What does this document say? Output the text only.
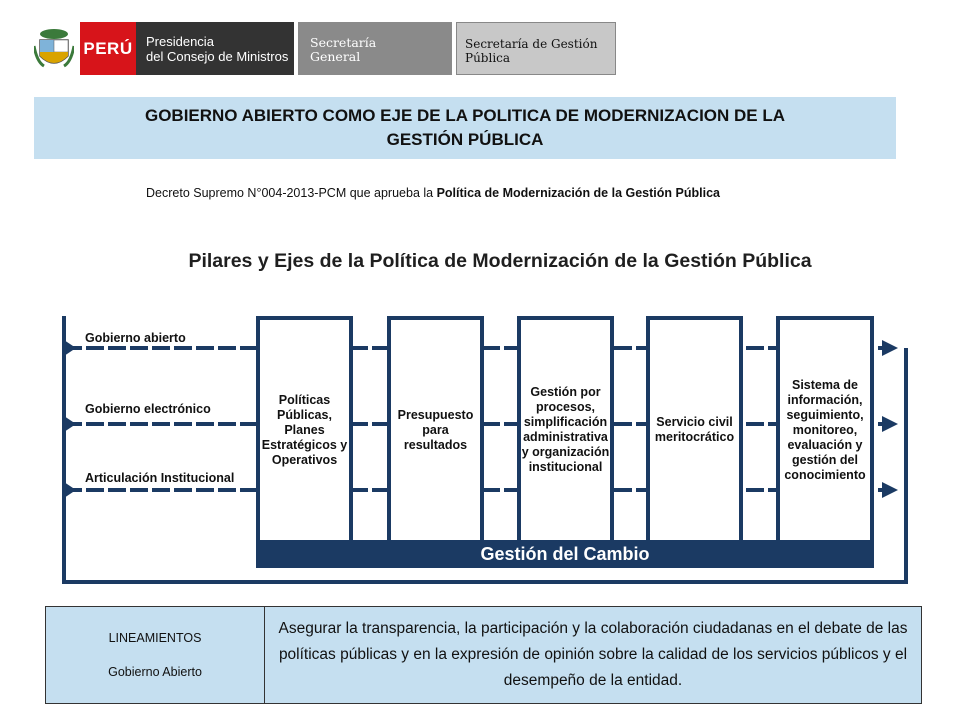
PERÚ Presidencia
del Consejo de Ministros
Secretaría
General
Secretaría de Gestión
Pública
GOBIERNO ABIERTO COMO EJE DE LA POLITICA DE MODERNIZACION DE LA
GESTIÓN PÚBLICA
Decreto Supremo N°004-2013-PCM que aprueba la Política de Modernización de la Gestión Pública
Pilares y Ejes de la Política de Modernización de la Gestión Pública
Gobierno abierto
Gobierno electrónico
Articulación Institucional
Políticas Públicas, Planes Estratégicos y Operativos
Presupuesto para resultados
Gestión por procesos, simplificación administrativa y organización institucional
Servicio civil meritocrático
Sistema de información, seguimiento, monitoreo, evaluación y gestión del conocimiento
Gestión del Cambio
LINEAMIENTOS
Gobierno Abierto
	Asegurar la transparencia, la participación y la colaboración ciudadanas en el debate de las políticas públicas y en la expresión de opinión sobre la calidad de los servicios públicos y el desempeño de la entidad.
